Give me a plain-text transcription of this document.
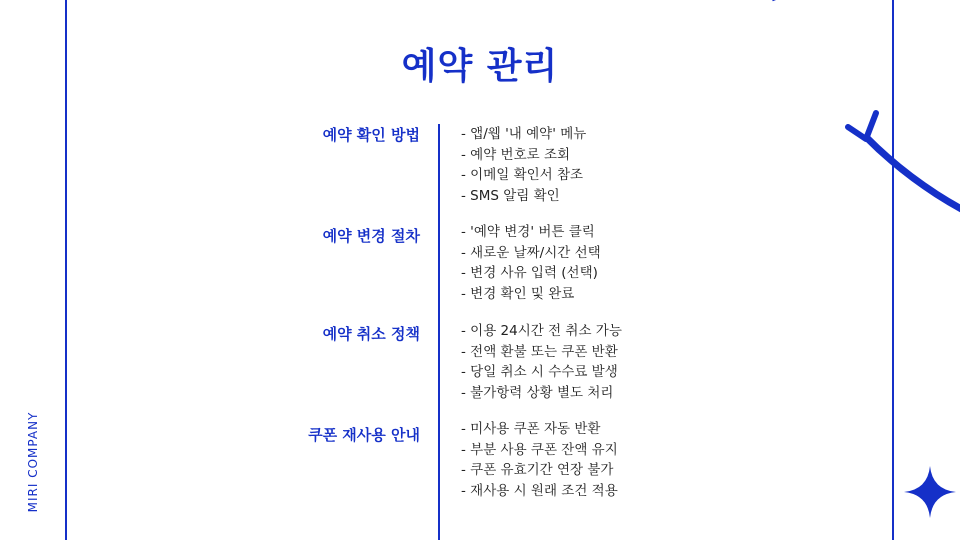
예약 관리
예약 확인 방법	- 앱/웹 '내 예약' 메뉴
- 예약 번호로 조회
- 이메일 확인서 참조
- SMS 알림 확인
예약 변경 절차	- '예약 변경' 버튼 클릭
- 새로운 날짜/시간 선택
- 변경 사유 입력 (선택)
- 변경 확인 및 완료
예약 취소 정책	- 이용 24시간 전 취소 가능
- 전액 환불 또는 쿠폰 반환
- 당일 취소 시 수수료 발생
- 불가항력 상황 별도 처리
쿠폰 재사용 안내	- 미사용 쿠폰 자동 반환
- 부분 사용 쿠폰 잔액 유지
- 쿠폰 유효기간 연장 불가
- 재사용 시 원래 조건 적용
MIRI COMPANY
